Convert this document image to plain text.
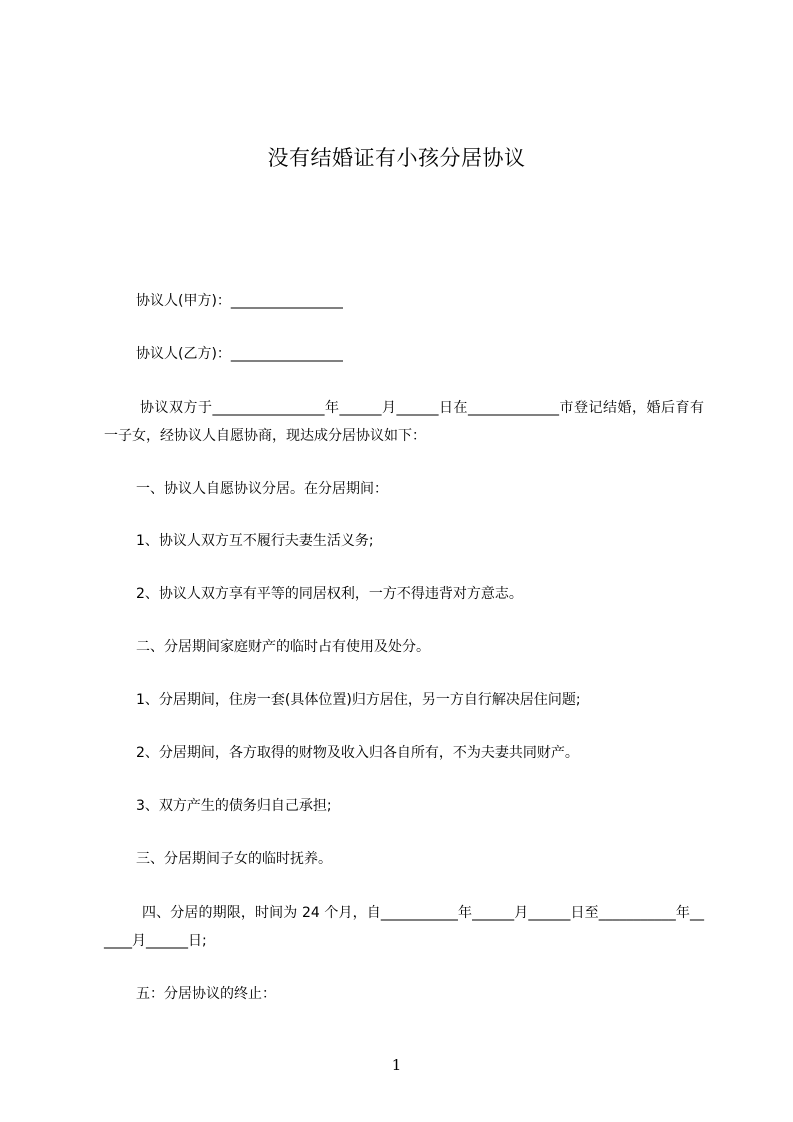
没有结婚证有小孩分居协议
协议人(甲方)：________________
协议人(乙方)：________________
协议双方于________________年______月______日在_____________市登记结婚，婚后育有一子女，经协议人自愿协商，现达成分居协议如下：
一、协议人自愿协议分居。在分居期间：
1、协议人双方互不履行夫妻生活义务;
2、协议人双方享有平等的同居权利，一方不得违背对方意志。
二、分居期间家庭财产的临时占有使用及处分。
1、分居期间，住房一套(具体位置)归方居住，另一方自行解决居住问题;
2、分居期间，各方取得的财物及收入归各自所有，不为夫妻共同财产。
3、双方产生的债务归自己承担;
三、分居期间子女的临时抚养。
四、分居的期限，时间为 24 个月，自___________年______月______日至___________年______月______日;
五：分居协议的终止：
1
